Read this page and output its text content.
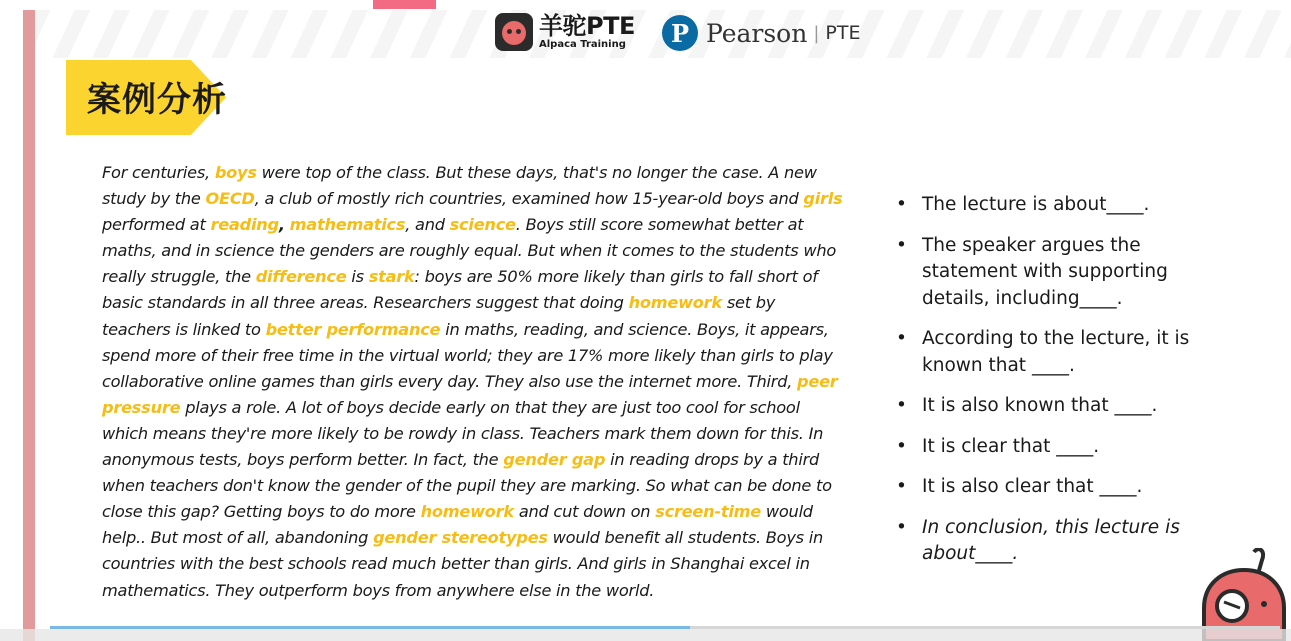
羊驼PTE
Alpaca Training	P Pearson | PTE
案例分析
For centuries, boys were top of the class. But these days, that's no longer the case. A new study by the OECD, a club of mostly rich countries, examined how 15-year-old boys and girls performed at reading, mathematics, and science. Boys still score somewhat better at maths, and in science the genders are roughly equal. But when it comes to the students who really struggle, the difference is stark: boys are 50% more likely than girls to fall short of basic standards in all three areas. Researchers suggest that doing homework set by teachers is linked to better performance in maths, reading, and science. Boys, it appears, spend more of their free time in the virtual world; they are 17% more likely than girls to play collaborative online games than girls every day. They also use the internet more. Third, peer pressure plays a role. A lot of boys decide early on that they are just too cool for school which means they're more likely to be rowdy in class. Teachers mark them down for this. In anonymous tests, boys perform better. In fact, the gender gap in reading drops by a third when teachers don't know the gender of the pupil they are marking. So what can be done to close this gap? Getting boys to do more homework and cut down on screen-time would help.. But most of all, abandoning gender stereotypes would benefit all students. Boys in countries with the best schools read much better than girls. And girls in Shanghai excel in mathematics. They outperform boys from anywhere else in the world.
• The lecture is about____.
• The speaker argues the statement with supporting details, including____.
• According to the lecture, it is known that ____.
• It is also known that ____.
• It is clear that ____.
• It is also clear that ____.
• In conclusion, this lecture is about____.
